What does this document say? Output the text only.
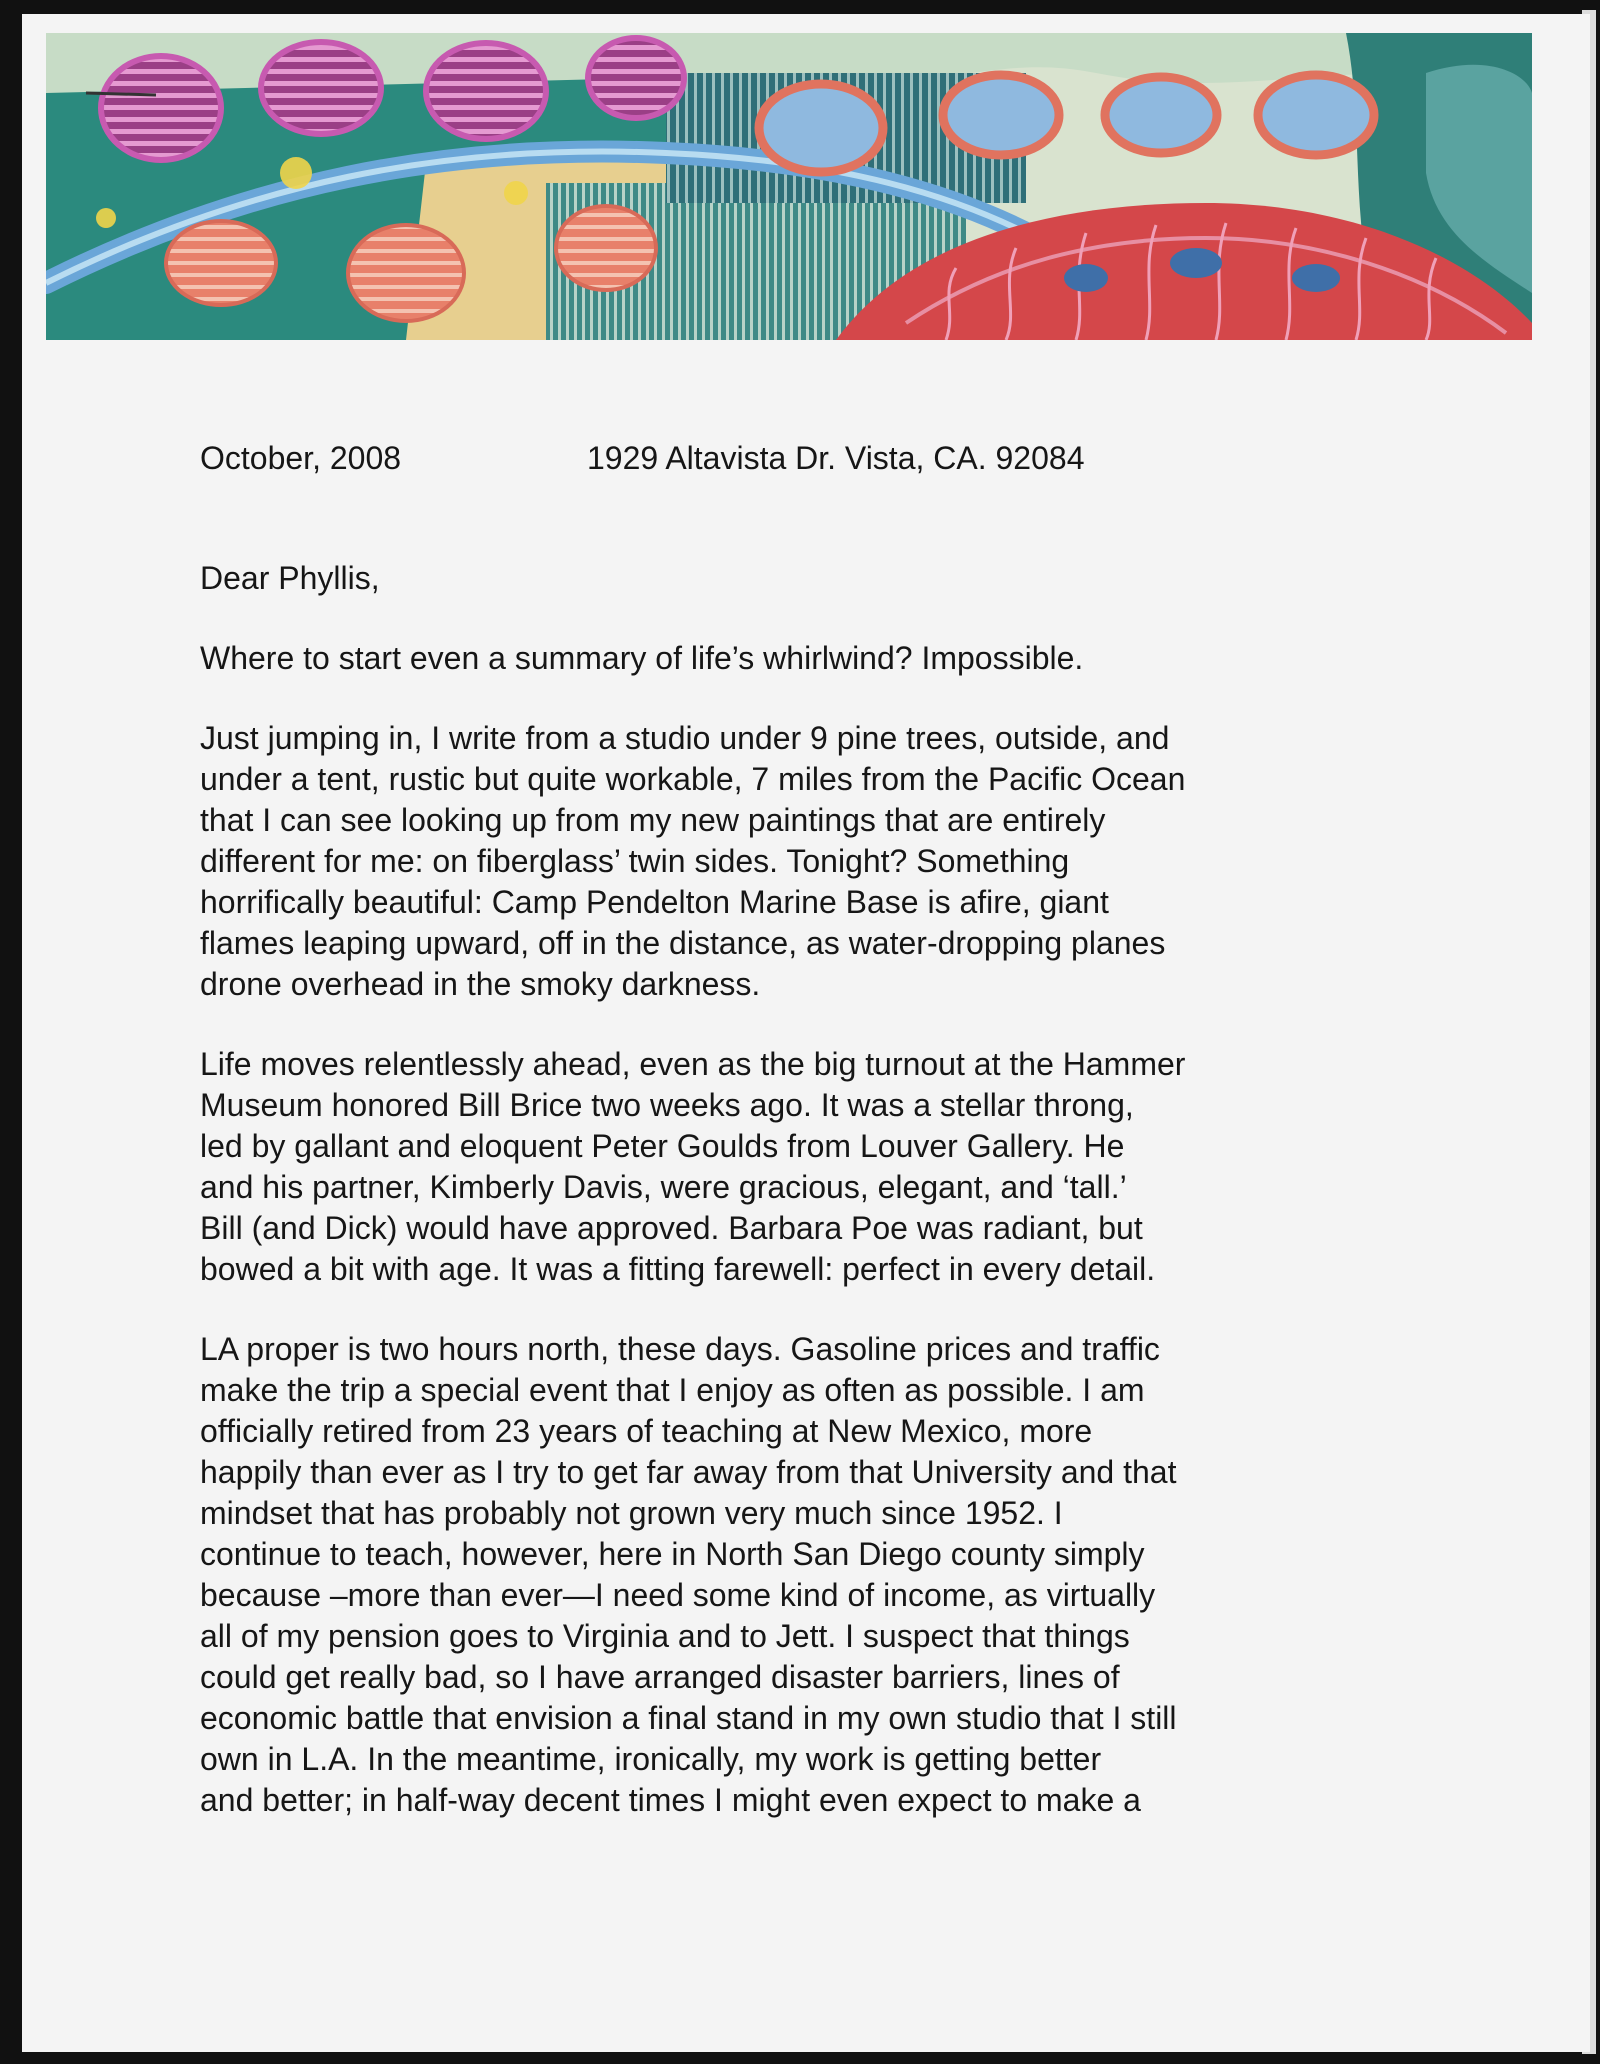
October, 2008	1929 Altavista Dr. Vista, CA. 92084
Dear Phyllis,
Where to start even a summary of life’s whirlwind? Impossible.
Just jumping in, I write from a studio under 9 pine trees, outside, and
under a tent, rustic but quite workable, 7 miles from the Pacific Ocean
that I can see looking up from my new paintings that are entirely
different for me: on fiberglass’ twin sides. Tonight? Something
horrifically beautiful: Camp Pendelton Marine Base is afire, giant
flames leaping upward, off in the distance, as water-dropping planes
drone overhead in the smoky darkness.
Life moves relentlessly ahead, even as the big turnout at the Hammer
Museum honored Bill Brice two weeks ago. It was a stellar throng,
led by gallant and eloquent Peter Goulds from Louver Gallery. He
and his partner, Kimberly Davis, were gracious, elegant, and ‘tall.’
Bill (and Dick) would have approved. Barbara Poe was radiant, but
bowed a bit with age. It was a fitting farewell: perfect in every detail.
LA proper is two hours north, these days. Gasoline prices and traffic
make the trip a special event that I enjoy as often as possible. I am
officially retired from 23 years of teaching at New Mexico, more
happily than ever as I try to get far away from that University and that
mindset that has probably not grown very much since 1952. I
continue to teach, however, here in North San Diego county simply
because –more than ever—I need some kind of income, as virtually
all of my pension goes to Virginia and to Jett. I suspect that things
could get really bad, so I have arranged disaster barriers, lines of
economic battle that envision a final stand in my own studio that I still
own in L.A. In the meantime, ironically, my work is getting better
and better; in half-way decent times I might even expect to make a
